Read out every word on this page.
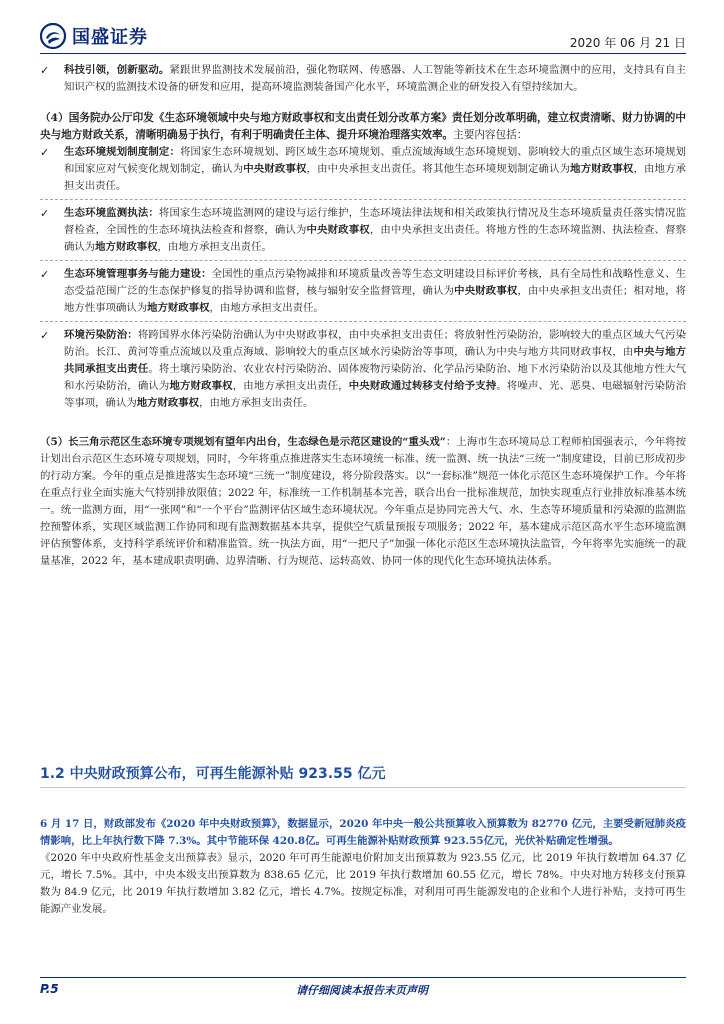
国盛证券	2020 年 06 月 21 日

✓	科技引领，创新驱动。紧跟世界监测技术发展前沿，强化物联网、传感器、人工智能等新技术在生态环境监测中的应用，支持具有自主知识产权的监测技术设备的研发和应用，提高环境监测装备国产化水平，环境监测企业的研发投入有望持续加大。

（4）国务院办公厅印发《生态环境领域中央与地方财政事权和支出责任划分改革方案》责任划分改革明确，建立权责清晰、财力协调的中央与地方财政关系，清晰明确易于执行，有利于明确责任主体、提升环境治理落实效率。主要内容包括：

✓	生态环境规划制度制定：将国家生态环境规划、跨区域生态环境规划、重点流域海域生态环境规划、影响较大的重点区域生态环境规划和国家应对气候变化规划制定，确认为中央财政事权，由中央承担支出责任。将其他生态环境规划制定确认为地方财政事权，由地方承担支出责任。

✓	生态环境监测执法：将国家生态环境监测网的建设与运行维护，生态环境法律法规和相关政策执行情况及生态环境质量责任落实情况监督检查，全国性的生态环境执法检查和督察，确认为中央财政事权，由中央承担支出责任。将地方性的生态环境监测、执法检查、督察确认为地方财政事权，由地方承担支出责任。

✓	生态环境管理事务与能力建设：全国性的重点污染物减排和环境质量改善等生态文明建设目标评价考核，具有全局性和战略性意义、生态受益范围广泛的生态保护修复的指导协调和监督，核与辐射安全监督管理，确认为中央财政事权，由中央承担支出责任；相对地，将地方性事项确认为地方财政事权，由地方承担支出责任。

✓	环境污染防治：将跨国界水体污染防治确认为中央财政事权，由中央承担支出责任；将放射性污染防治，影响较大的重点区域大气污染防治。长江、黄河等重点流域以及重点海域、影响较大的重点区域水污染防治等事项，确认为中央与地方共同财政事权，由中央与地方共同承担支出责任。将土壤污染防治、农业农村污染防治、固体废物污染防治、化学品污染防治、地下水污染防治以及其他地方性大气和水污染防治，确认为地方财政事权，由地方承担支出责任，中央财政通过转移支付给予支持。将噪声、光、恶臭、电磁辐射污染防治等事项，确认为地方财政事权，由地方承担支出责任。

（5）长三角示范区生态环境专项规划有望年内出台，生态绿色是示范区建设的“重头戏”：上海市生态环境局总工程师柏国强表示，今年将按计划出台示范区生态环境专项规划，同时，今年将重点推进落实生态环境统一标准、统一监测、统一执法“三统一”制度建设，目前已形成初步的行动方案。今年的重点是推进落实生态环境“三统一”制度建设，将分阶段落实。以“一套标准”规范一体化示范区生态环境保护工作。今年将在重点行业全面实施大气特别排放限值；2022 年，标准统一工作机制基本完善，联合出台一批标准规范，加快实现重点行业排放标准基本统一。统一监测方面，用“一张网”和“一个平台”监测评估区域生态环境状况。今年重点是协同完善大气、水、生态等环境质量和污染源的监测监控预警体系，实现区域监测工作协同和现有监测数据基本共享，提供空气质量预报专项服务；2022 年，基本建成示范区高水平生态环境监测评估预警体系，支持科学系统评价和精准监管。统一执法方面，用“一把尺子”加强一体化示范区生态环境执法监管，今年将率先实施统一的裁量基准，2022 年，基本建成职责明确、边界清晰、行为规范、运转高效、协同一体的现代化生态环境执法体系。

1.2 中央财政预算公布，可再生能源补贴 923.55 亿元

6 月 17 日，财政部发布《2020 年中央财政预算》，数据显示，2020 年中央一般公共预算收入预算数为 82770 亿元，主要受新冠肺炎疫情影响，比上年执行数下降 7.3%。其中节能环保 420.8亿。可再生能源补贴财政预算 923.55亿元，光伏补贴确定性增强。

《2020 年中央政府性基金支出预算表》显示，2020 年可再生能源电价附加支出预算数为 923.55 亿元，比 2019 年执行数增加 64.37 亿元，增长 7.5%。其中，中央本级支出预算数为 838.65 亿元，比 2019 年执行数增加 60.55 亿元，增长 78%。中央对地方转移支付预算数为 84.9 亿元，比 2019 年执行数增加 3.82 亿元，增长 4.7%。按规定标准，对利用可再生能源发电的企业和个人进行补贴，支持可再生能源产业发展。

P.5	请仔细阅读本报告末页声明
